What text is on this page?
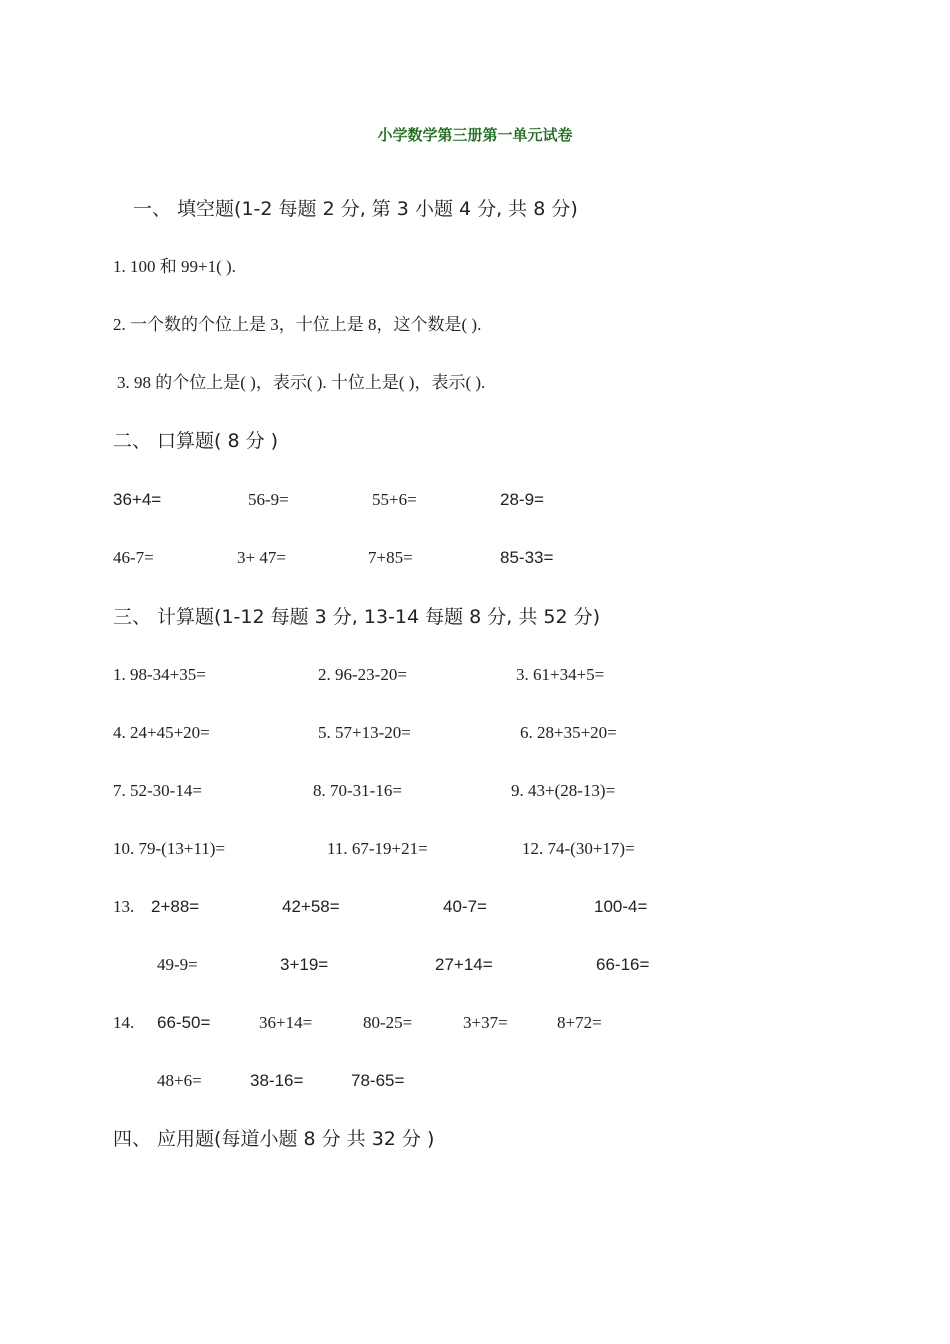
小学数学第三册第一单元试卷
一、 填空题(1-2 每题 2 分, 第 3 小题 4 分, 共 8 分)
1. 100 和 99+1( ).
2. 一个数的个位上是 3，十位上是 8，这个数是( ).
3. 98 的个位上是( )，表示( ). 十位上是( )，表示( ).
二、 口算题( 8 分 )
36+4=	56-9=	55+6=	28-9=
46-7=	3+ 47=	7+85=	85-33=
三、 计算题(1-12 每题 3 分, 13-14 每题 8 分, 共 52 分)
1. 98-34+35=	2. 96-23-20=	3. 61+34+5=
4. 24+45+20=	5. 57+13-20=	6. 28+35+20=
7. 52-30-14=	8. 70-31-16=	9. 43+(28-13)=
10. 79-(13+11)=	11. 67-19+21=	12. 74-(30+17)=
13. 2+88=	42+58=	40-7=	100-4=
49-9=	3+19=	27+14=	66-16=
14. 66-50=	36+14=	80-25=	3+37=	8+72=
48+6=	38-16=	78-65=
四、 应用题(每道小题 8 分 共 32 分 )
